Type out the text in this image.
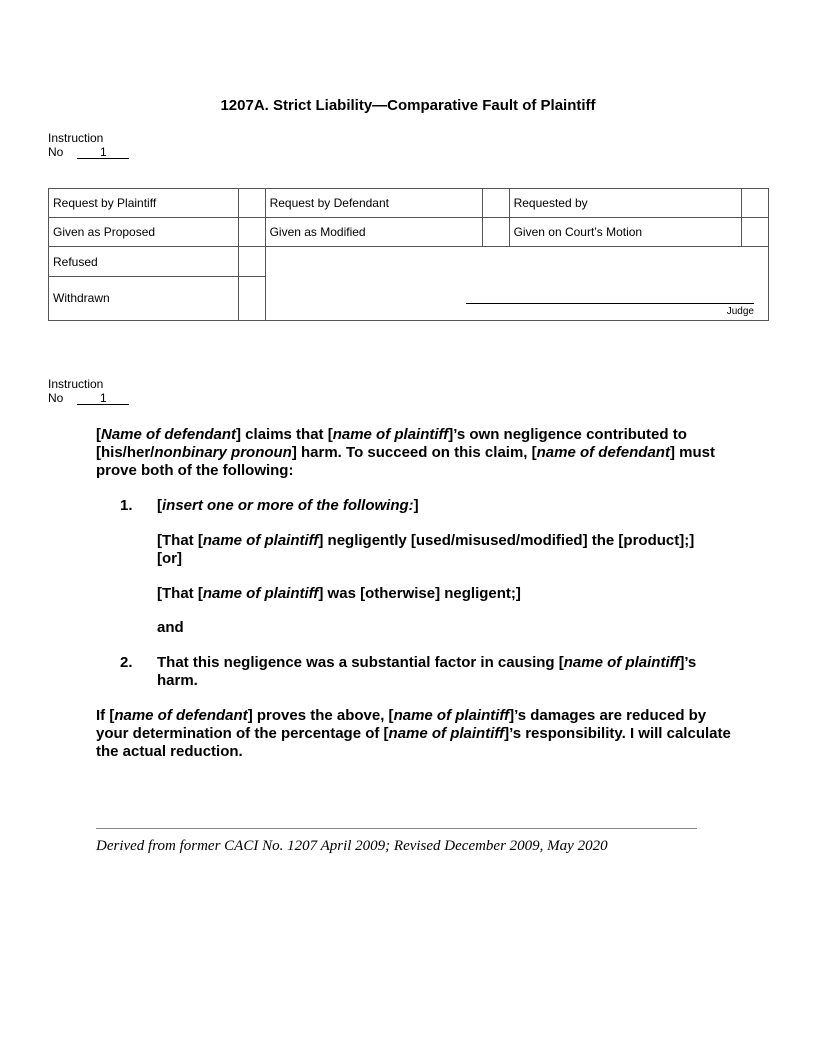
1207A. Strict Liability—Comparative Fault of Plaintiff
Instruction
No	1
Request by Plaintiff		Request by Defendant		Requested by	
Given as Proposed		Given as Modified		Given on Court’s Motion	
Refused		Judge			

Withdrawn					
Instruction
No	1
[Name of defendant] claims that [name of plaintiff]’s own negligence contributed to [his/her/nonbinary pronoun] harm. To succeed on this claim, [name of defendant] must prove both of the following:
1. [insert one or more of the following:]
[That [name of plaintiff] negligently [used/misused/modified] the [product];] [or]
[That [name of plaintiff] was [otherwise] negligent;]
and
2. That this negligence was a substantial factor in causing [name of plaintiff]’s harm.
If [name of defendant] proves the above, [name of plaintiff]’s damages are reduced by your determination of the percentage of [name of plaintiff]’s responsibility. I will calculate the actual reduction.
Derived from former CACI No. 1207 April 2009; Revised December 2009, May 2020
